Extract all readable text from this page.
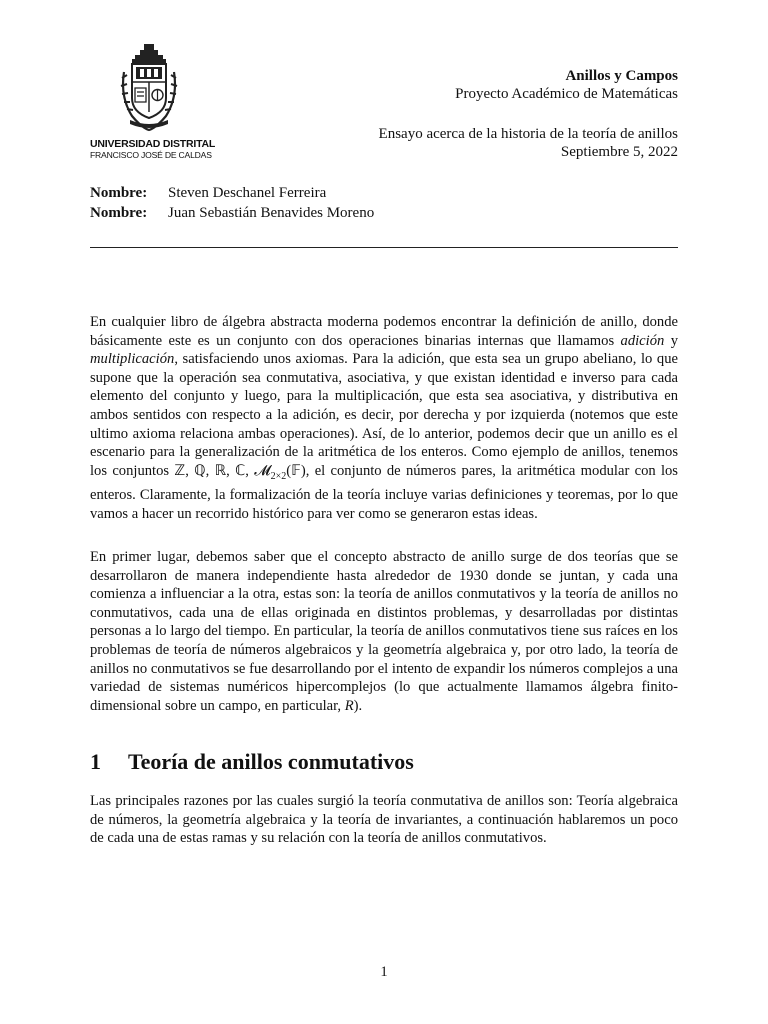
UNIVERSIDAD DISTRITAL
FRANCISCO JOSÉ DE CALDAS
Anillos y Campos
Proyecto Académico de Matemáticas
Ensayo acerca de la historia de la teoría de anillos
Septiembre 5, 2022
Nombre: Steven Deschanel Ferreira
Nombre: Juan Sebastián Benavides Moreno

En cualquier libro de álgebra abstracta moderna podemos encontrar la definición de anillo, donde básicamente este es un conjunto con dos operaciones binarias internas que llamamos adición y multiplicación, satisfaciendo unos axiomas. Para la adición, que esta sea un grupo abeliano, lo que supone que la operación sea conmutativa, asociativa, y que existan identidad e inverso para cada elemento del conjunto y luego, para la multiplicación, que esta sea asociativa, y distributiva en ambos sentidos con respecto a la adición, es decir, por derecha y por izquierda (notemos que este ultimo axioma relaciona ambas operaciones). Así, de lo anterior, podemos decir que un anillo es el escenario para la generalización de la aritmética de los enteros. Como ejemplo de anillos, tenemos los conjuntos ℤ, ℚ, ℝ, ℂ, 𝓜$_{2\times 2}$(𝔽), el conjunto de números pares, la aritmética modular con los enteros. Claramente, la formalización de la teoría incluye varias definiciones y teoremas, por lo que vamos a hacer un recorrido histórico para ver como se generaron estas ideas.

En primer lugar, debemos saber que el concepto abstracto de anillo surge de dos teorías que se desarrollaron de manera independiente hasta alrededor de 1930 donde se juntan, y cada una comienza a influenciar a la otra, estas son: la teoría de anillos conmutativos y la teoría de anillos no conmutativos, cada una de ellas originada en distintos problemas, y desarrolladas por distintas personas a lo largo del tiempo. En particular, la teoría de anillos conmutativos tiene sus raíces en los problemas de teoría de números algebraicos y la geometría algebraica y, por otro lado, la teoría de anillos no conmutativos se fue desarrollando por el intento de expandir los números complejos a una variedad de sistemas numéricos hipercomplejos (lo que actualmente llamamos álgebra finito-dimensional sobre un campo, en particular, R).

1 Teoría de anillos conmutativos

Las principales razones por las cuales surgió la teoría conmutativa de anillos son: Teoría algebraica de números, la geometría algebraica y la teoría de invariantes, a continuación hablaremos un poco de cada una de estas ramas y su relación con la teoría de anillos conmutativos.

1
